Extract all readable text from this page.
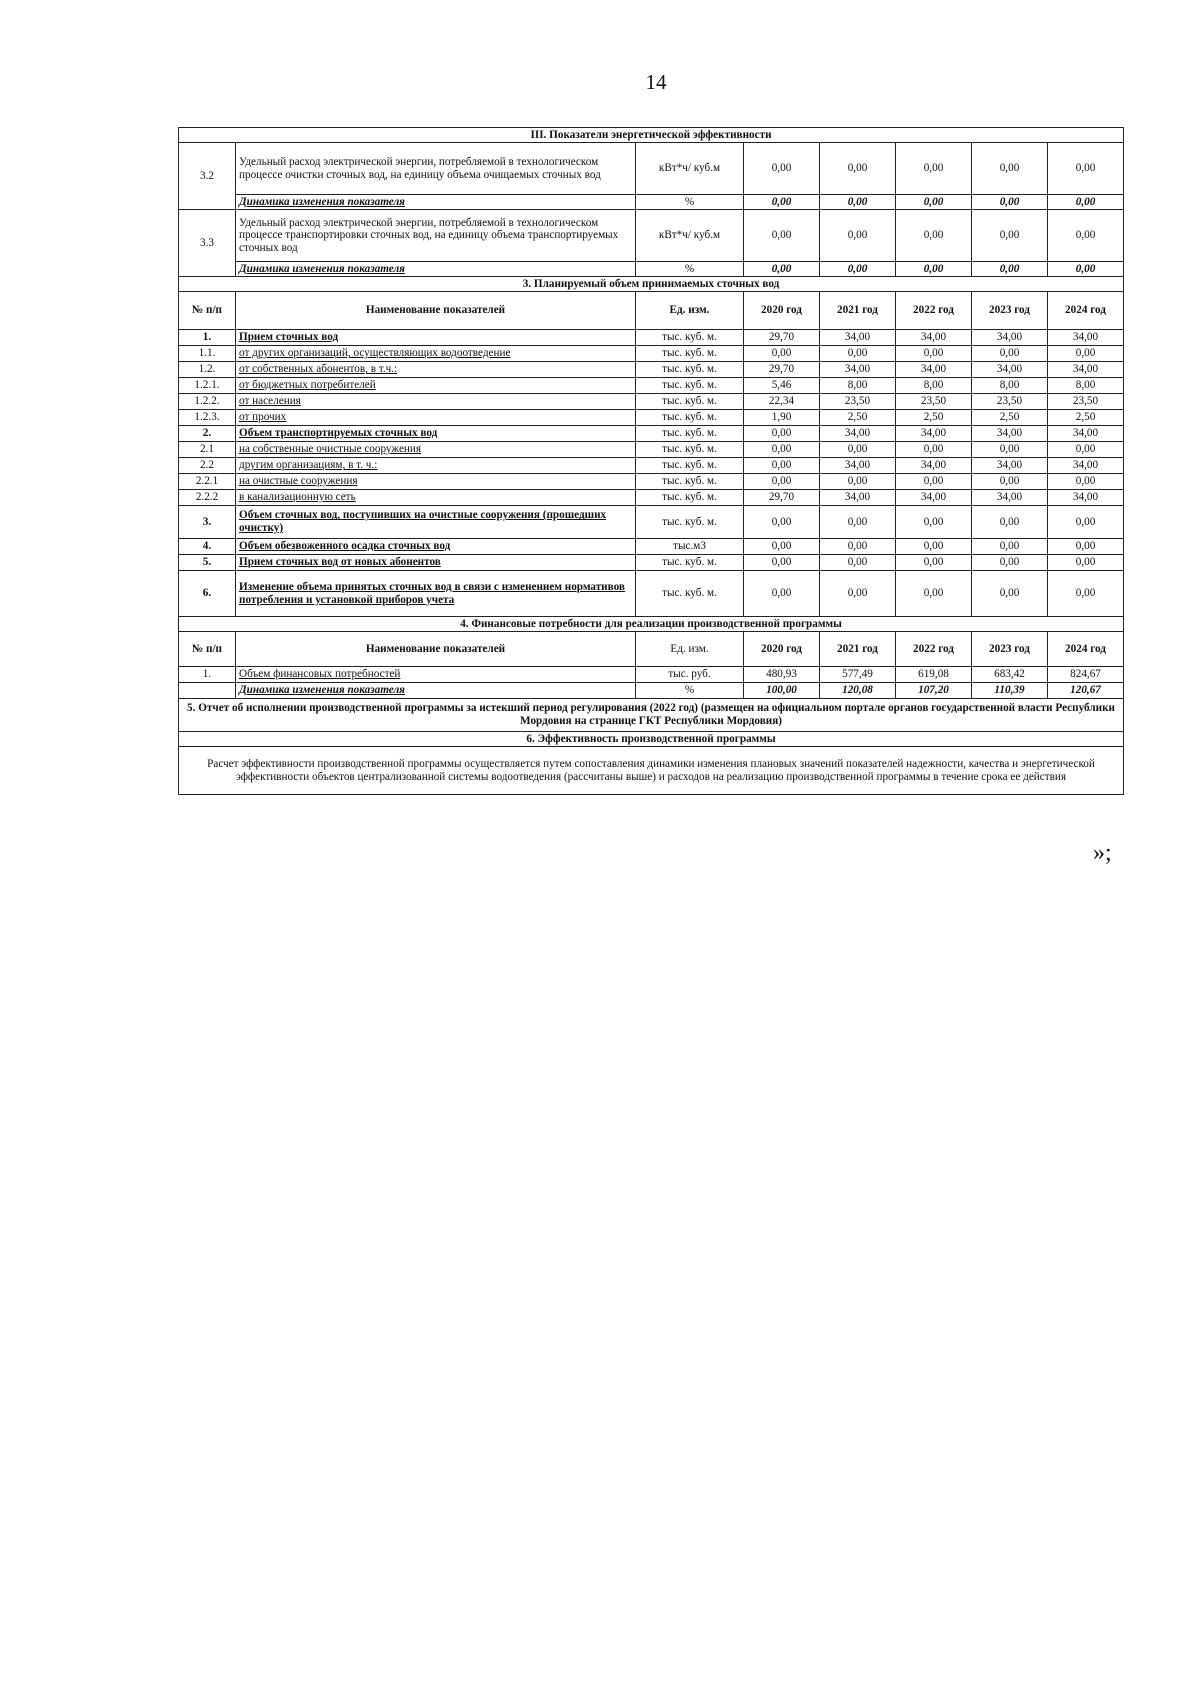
14
III. Показатели энергетической эффективности							
3.2	Удельный расход электрической энергии, потребляемой в технологическом процессе очистки сточных вод, на единицу объема очищаемых сточных вод	кВт*ч/ куб.м	0,00	0,00	0,00	0,00	0,00
	Динамика изменения показателя	%	0,00	0,00	0,00	0,00	0,00
3.3	Удельный расход электрической энергии, потребляемой в технологическом процессе транспортировки сточных вод, на единицу объема транспортируемых сточных вод	кВт*ч/ куб.м	0,00	0,00	0,00	0,00	0,00
	Динамика изменения показателя	%	0,00	0,00	0,00	0,00	0,00
3. Планируемый объем принимаемых сточных вод							
№ п/п	Наименование показателей	Ед. изм.	2020 год	2021 год	2022 год	2023 год	2024 год
1.	Прием сточных вод	тыс. куб. м.	29,70	34,00	34,00	34,00	34,00
1.1.	от других организаций, осуществляющих водоотведение	тыс. куб. м.	0,00	0,00	0,00	0,00	0,00
1.2.	от собственных абонентов, в т.ч.:	тыс. куб. м.	29,70	34,00	34,00	34,00	34,00
1.2.1.	от бюджетных потребителей	тыс. куб. м.	5,46	8,00	8,00	8,00	8,00
1.2.2.	от населения	тыс. куб. м.	22,34	23,50	23,50	23,50	23,50
1.2.3.	от прочих	тыс. куб. м.	1,90	2,50	2,50	2,50	2,50
2.	Объем транспортируемых сточных вод	тыс. куб. м.	0,00	34,00	34,00	34,00	34,00
2.1	на собственные очистные сооружения	тыс. куб. м.	0,00	0,00	0,00	0,00	0,00
2.2	другим организациям, в т. ч.:	тыс. куб. м.	0,00	34,00	34,00	34,00	34,00
2.2.1	на очистные сооружения	тыс. куб. м.	0,00	0,00	0,00	0,00	0,00
2.2.2	в канализационную сеть	тыс. куб. м.	29,70	34,00	34,00	34,00	34,00
3.	Объем сточных вод, поступивших на очистные сооружения (прошедших очистку)	тыс. куб. м.	0,00	0,00	0,00	0,00	0,00
4.	Объем обезвоженного осадка сточных вод	тыс.м3	0,00	0,00	0,00	0,00	0,00
5.	Прием сточных вод от новых абонентов	тыс. куб. м.	0,00	0,00	0,00	0,00	0,00
6.	Изменение объема принятых сточных вод в связи с изменением нормативов потребления и установкой приборов учета	тыс. куб. м.	0,00	0,00	0,00	0,00	0,00
4. Финансовые потребности для реализации производственной программы							
№ п/п	Наименование показателей	Ед. изм.	2020 год	2021 год	2022 год	2023 год	2024 год
1.	Объем финансовых потребностей	тыс. руб.	480,93	577,49	619,08	683,42	824,67
	Динамика изменения показателя	%	100,00	120,08	107,20	110,39	120,67
5. Отчет об исполнении производственной программы за истекший период регулирования (2022 год) (размещен на официальном портале органов государственной власти Республики Мордовия на странице ГКТ Республики Мордовия)							
6. Эффективность производственной программы							
Расчет эффективности производственной программы осуществляется путем сопоставления динамики изменения плановых значений показателей надежности, качества и энергетической эффективности объектов централизованной системы водоотведения (рассчитаны выше) и расходов на реализацию производственной программы в течение срока ее действия							
»;
